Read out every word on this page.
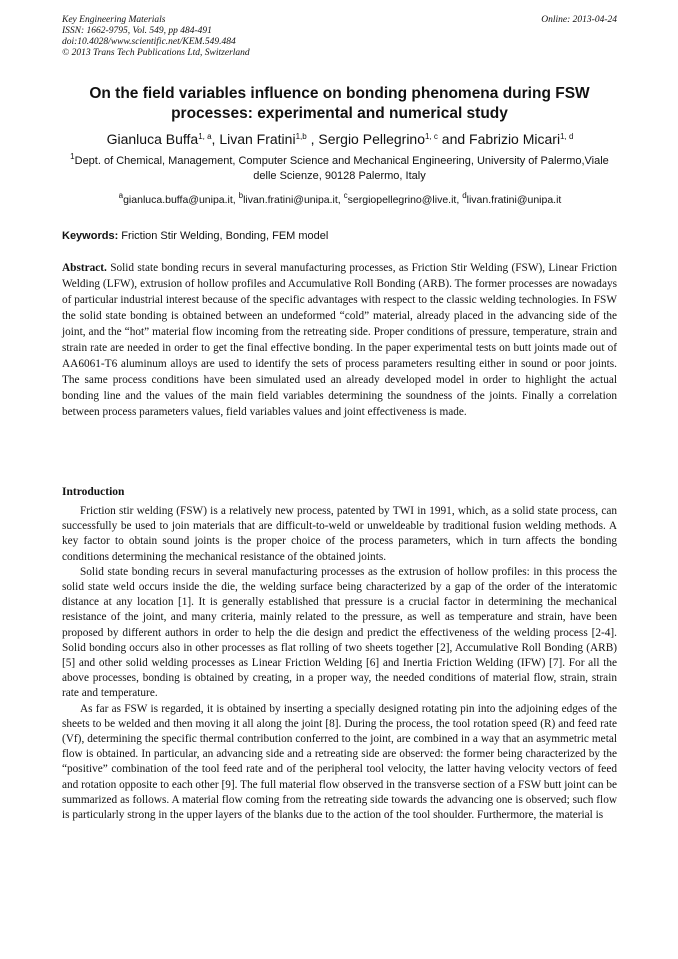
Key Engineering Materials
ISSN: 1662-9795, Vol. 549, pp 484-491
doi:10.4028/www.scientific.net/KEM.549.484
© 2013 Trans Tech Publications Ltd, Switzerland
Online: 2013-04-24
On the field variables influence on bonding phenomena during FSW processes: experimental and numerical study
Gianluca Buffa$^{1, a}$, Livan Fratini$^{1,b}$ , Sergio Pellegrino$^{1, c}$ and Fabrizio Micari$^{1, d}$
$^1$Dept. of Chemical, Management, Computer Science and Mechanical Engineering, University of Palermo,Viale delle Scienze, 90128 Palermo, Italy
$^a$gianluca.buffa@unipa.it, $^b$livan.fratini@unipa.it, $^c$sergiopellegrino@live.it, $^d$livan.fratini@unipa.it
Keywords: Friction Stir Welding, Bonding, FEM model
Abstract. Solid state bonding recurs in several manufacturing processes, as Friction Stir Welding (FSW), Linear Friction Welding (LFW), extrusion of hollow profiles and Accumulative Roll Bonding (ARB). The former processes are nowadays of particular industrial interest because of the specific advantages with respect to the classic welding technologies. In FSW the solid state bonding is obtained between an undeformed “cold” material, already placed in the advancing side of the joint, and the “hot” material flow incoming from the retreating side. Proper conditions of pressure, temperature, strain and strain rate are needed in order to get the final effective bonding. In the paper experimental tests on butt joints made out of AA6061-T6 aluminum alloys are used to identify the sets of process parameters resulting either in sound or poor joints. The same process conditions have been simulated used an already developed model in order to highlight the actual bonding line and the values of the main field variables determining the soundness of the joints. Finally a correlation between process parameters values, field variables values and joint effectiveness is made.
Introduction

Friction stir welding (FSW) is a relatively new process, patented by TWI in 1991, which, as a solid state process, can successfully be used to join materials that are difficult-to-weld or unweldeable by traditional fusion welding methods. A key factor to obtain sound joints is the proper choice of the process parameters, which in turn affects the bonding conditions determining the mechanical resistance of the obtained joints.

Solid state bonding recurs in several manufacturing processes as the extrusion of hollow profiles: in this process the solid state weld occurs inside the die, the welding surface being characterized by a gap of the order of the interatomic distance at any location [1]. It is generally established that pressure is a crucial factor in determining the mechanical resistance of the joint, and many criteria, mainly related to the pressure, as well as temperature and strain, have been proposed by different authors in order to help the die design and predict the effectiveness of the welding process [2-4]. Solid bonding occurs also in other processes as flat rolling of two sheets together [2], Accumulative Roll Bonding (ARB) [5] and other solid welding processes as Linear Friction Welding [6] and Inertia Friction Welding (IFW) [7]. For all the above processes, bonding is obtained by creating, in a proper way, the needed conditions of material flow, strain, strain rate and temperature.

As far as FSW is regarded, it is obtained by inserting a specially designed rotating pin into the adjoining edges of the sheets to be welded and then moving it all along the joint [8]. During the process, the tool rotation speed (R) and feed rate (Vf), determining the specific thermal contribution conferred to the joint, are combined in a way that an asymmetric metal flow is obtained. In particular, an advancing side and a retreating side are observed: the former being characterized by the “positive” combination of the tool feed rate and of the peripheral tool velocity, the latter having velocity vectors of feed and rotation opposite to each other [9]. The full material flow observed in the transverse section of a FSW butt joint can be summarized as follows. A material flow coming from the retreating side towards the advancing one is observed; such flow is particularly strong in the upper layers of the blanks due to the action of the tool shoulder. Furthermore, the material is
